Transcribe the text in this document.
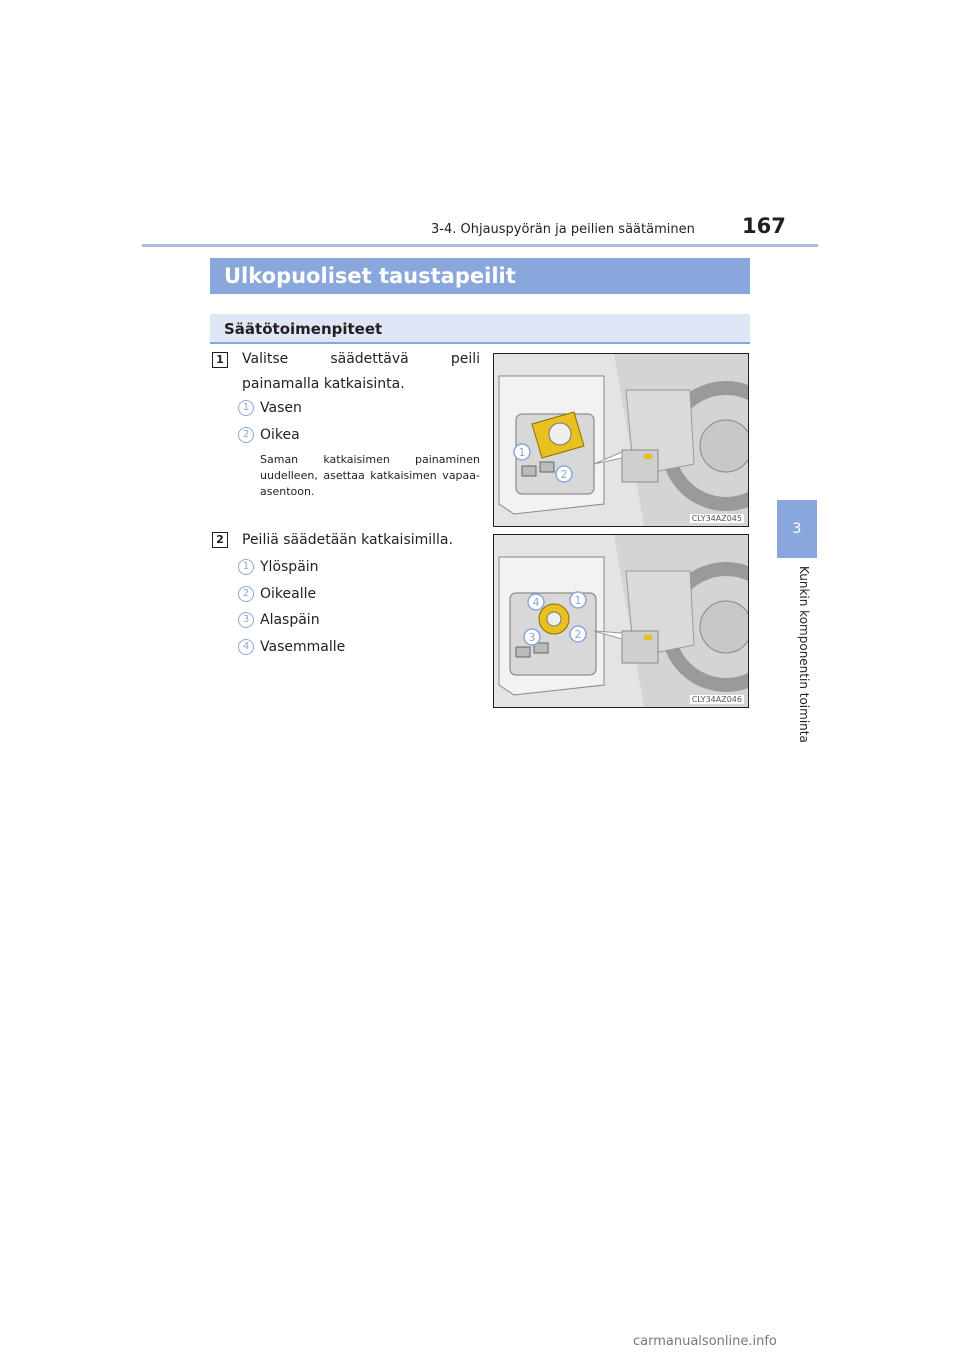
3-4. Ohjauspyörän ja peilien säätäminen 167
3
Kunkin komponentin toiminta
Ulkopuoliset taustapeilit
Säätötoimenpiteet
1 Valitse säädettävä peili painamalla katkaisinta.
1 Vasen
2 Oikea
Saman katkaisimen painaminen uudelleen, asettaa katkaisimen vapaa-asentoon.
1
2
CLY34AZ045
2 Peiliä säädetään katkaisimilla.
1 Ylöspäin
2 Oikealle
3 Alaspäin
4 Vasemmalle
4	1
3	2
CLY34AZ046
carmanualsonline.info
